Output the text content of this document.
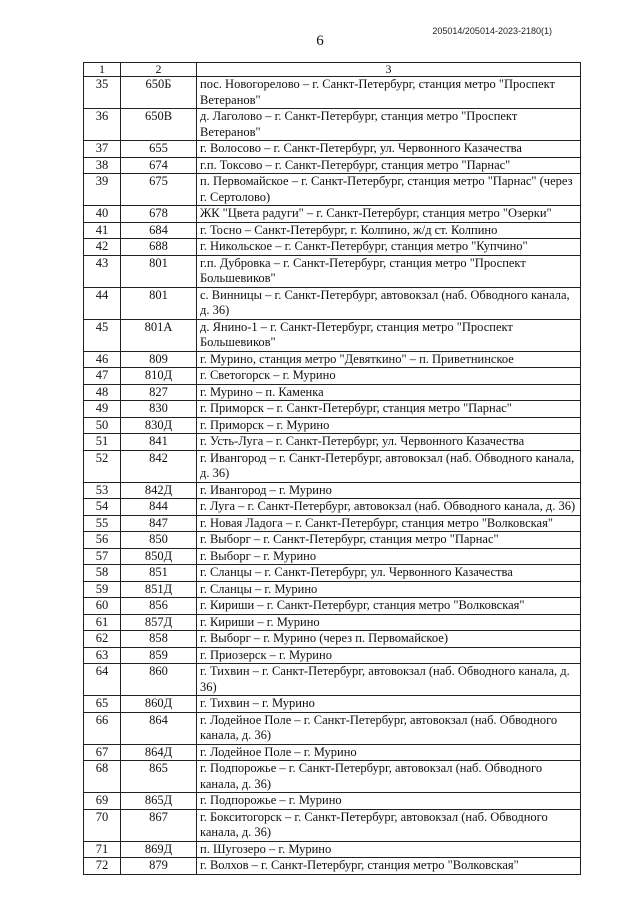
205014/205014-2023-2180(1)
6
1	2	3
35	650Б	пос. Новогорелово – г. Санкт-Петербург, станция метро "Проспект Ветеранов"
36	650В	д. Лаголово – г. Санкт-Петербург, станция метро "Проспект Ветеранов"
37	655	г. Волосово – г. Санкт-Петербург, ул. Червонного Казачества
38	674	г.п. Токсово – г. Санкт-Петербург, станция метро "Парнас"
39	675	п. Первомайское – г. Санкт-Петербург, станция метро "Парнас" (через г. Сертолово)
40	678	ЖК "Цвета радуги" – г. Санкт-Петербург, станция метро "Озерки"
41	684	г. Тосно – Санкт-Петербург, г. Колпино, ж/д ст. Колпино
42	688	г. Никольское – г. Санкт-Петербург, станция метро "Купчино"
43	801	г.п. Дубровка – г. Санкт-Петербург, станция метро "Проспект Большевиков"
44	801	с. Винницы – г. Санкт-Петербург, автовокзал (наб. Обводного канала, д. 36)
45	801А	д. Янино-1 – г. Санкт-Петербург, станция метро "Проспект Большевиков"
46	809	г. Мурино, станция метро "Девяткино" – п. Приветнинское
47	810Д	г. Светогорск – г. Мурино
48	827	г. Мурино – п. Каменка
49	830	г. Приморск – г. Санкт-Петербург, станция метро "Парнас"
50	830Д	г. Приморск – г. Мурино
51	841	г. Усть-Луга – г. Санкт-Петербург, ул. Червонного Казачества
52	842	г. Ивангород – г. Санкт-Петербург, автовокзал (наб. Обводного канала, д. 36)
53	842Д	г. Ивангород – г. Мурино
54	844	г. Луга – г. Санкт-Петербург, автовокзал (наб. Обводного канала, д. 36)
55	847	г. Новая Ладога – г. Санкт-Петербург, станция метро "Волковская"
56	850	г. Выборг – г. Санкт-Петербург, станция метро "Парнас"
57	850Д	г. Выборг – г. Мурино
58	851	г. Сланцы – г. Санкт-Петербург, ул. Червонного Казачества
59	851Д	г. Сланцы – г. Мурино
60	856	г. Кириши – г. Санкт-Петербург, станция метро "Волковская"
61	857Д	г. Кириши – г. Мурино
62	858	г. Выборг – г. Мурино (через п. Первомайское)
63	859	г. Приозерск – г. Мурино
64	860	г. Тихвин – г. Санкт-Петербург, автовокзал (наб. Обводного канала, д. 36)
65	860Д	г. Тихвин – г. Мурино
66	864	г. Лодейное Поле – г. Санкт-Петербург, автовокзал (наб. Обводного канала, д. 36)
67	864Д	г. Лодейное Поле – г. Мурино
68	865	г. Подпорожье – г. Санкт-Петербург, автовокзал (наб. Обводного канала, д. 36)
69	865Д	г. Подпорожье – г. Мурино
70	867	г. Бокситогорск – г. Санкт-Петербург, автовокзал (наб. Обводного канала, д. 36)
71	869Д	п. Шугозеро – г. Мурино
72	879	г. Волхов – г. Санкт-Петербург, станция метро "Волковская"
